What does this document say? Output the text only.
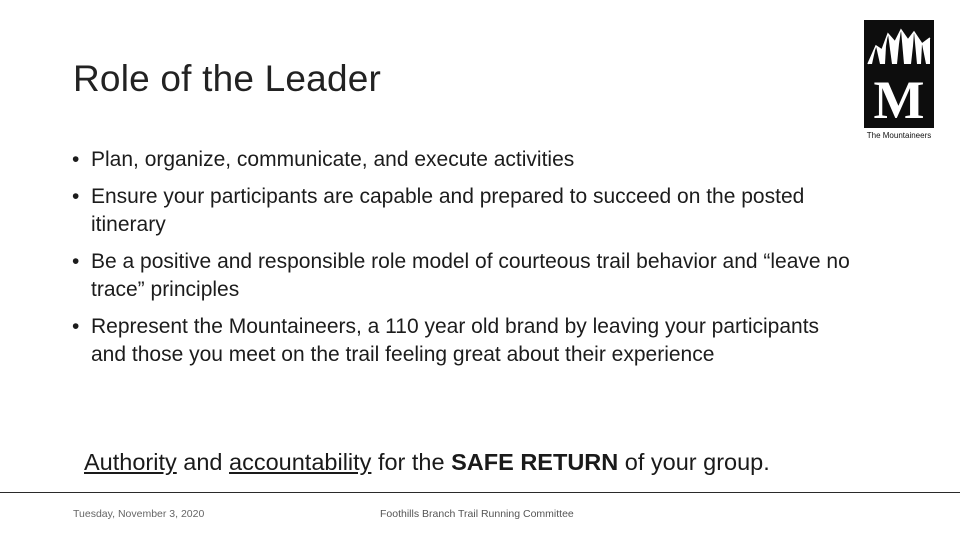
Role of the Leader	M
The Mountaineers
• Plan, organize, communicate, and execute activities
• Ensure your participants are capable and prepared to succeed on the posted itinerary
• Be a positive and responsible role model of courteous trail behavior and “leave no trace” principles
• Represent the Mountaineers, a 110 year old brand by leaving your participants and those you meet on the trail feeling great about their experience
Authority and accountability for the SAFE RETURN of your group.
Tuesday, November 3, 2020	Foothills Branch Trail Running Committee
